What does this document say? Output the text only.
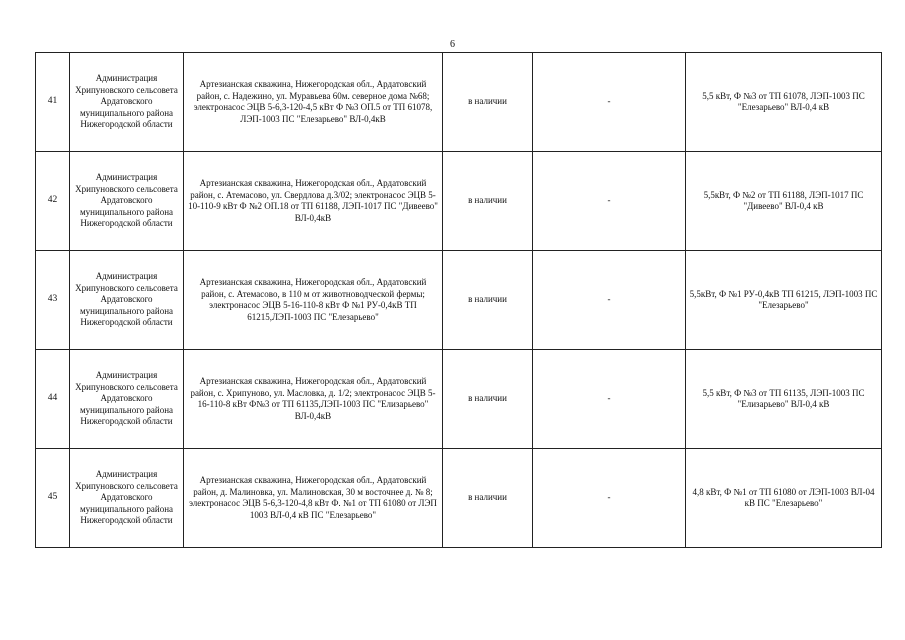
6
41	Администрация Хрипуновского сельсовета Ардатовского муниципального района Нижегородской области	Артезианская скважина, Нижегородская обл., Ардатовский район, с. Надежино, ул. Муравьева 60м. северное дома №68; электронасос ЭЦВ 5-6,3-120-4,5 кВт Ф №3 ОП.5 от ТП 61078, ЛЭП-1003 ПС "Елезарьево" ВЛ-0,4кВ	в наличии	-	5,5 кВт, Ф №3 от ТП 61078, ЛЭП-1003 ПС "Елезарьево" ВЛ-0,4 кВ
42	Администрация Хрипуновского сельсовета Ардатовского муниципального района Нижегородской области	Артезианская скважина, Нижегородская обл., Ардатовский район, с. Атемасово, ул. Свердлова д.3/02; электронасос ЭЦВ 5-10-110-9 кВт Ф №2 ОП.18 от ТП 61188, ЛЭП-1017 ПС "Дивеево" ВЛ-0,4кВ	в наличии	-	5,5кВт, Ф №2 от ТП 61188, ЛЭП-1017 ПС "Дивеево" ВЛ-0,4 кВ
43	Администрация Хрипуновского сельсовета Ардатовского муниципального района Нижегородской области	Артезианская скважина, Нижегородская обл., Ардатовский район, с. Атемасово, в 110 м от животноводческой фермы; электронасос ЭЦВ 5-16-110-8 кВт Ф №1 РУ-0,4кВ ТП 61215,ЛЭП-1003 ПС "Елезарьево"	в наличии	-	5,5кВт, Ф №1 РУ-0,4кВ ТП 61215, ЛЭП-1003 ПС "Елезарьево"
44	Администрация Хрипуновского сельсовета Ардатовского муниципального района Нижегородской области	Артезианская скважина, Нижегородская обл., Ардатовский район, с. Хрипуново, ул. Масловка, д. 1/2; электронасос ЭЦВ 5-16-110-8 кВт Ф№3 от ТП 61135,ЛЭП-1003 ПС "Елизарьево" ВЛ-0,4кВ	в наличии	-	5,5 кВт, Ф №3 от ТП 61135, ЛЭП-1003 ПС "Елизарьево" ВЛ-0,4 кВ
45	Администрация Хрипуновского сельсовета Ардатовского муниципального района Нижегородской области	Артезианская скважина, Нижегородская обл., Ардатовский район, д. Малиновка, ул. Малиновская, 30 м восточнее д. № 8; электронасос ЭЦВ 5-6,3-120-4,8 кВт Ф. №1 от ТП 61080 от ЛЭП 1003 ВЛ-0,4 кВ ПС "Елезарьево"	в наличии	-	4,8 кВт, Ф №1 от ТП 61080 от ЛЭП-1003 ВЛ-04 кВ ПС "Елезарьево"
